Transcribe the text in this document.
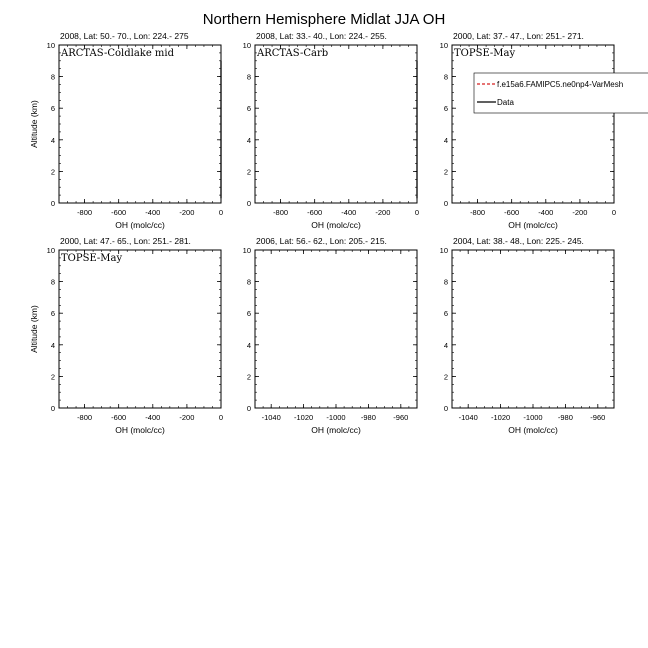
Northern Hemisphere Midlat JJA OH
2008, Lat: 50.- 70., Lon: 224.- 275
ARCTAS-Coldlake mid
0
2
4
6
8
10
-800	-600	-400	-200	0
OH (molc/cc)
Altitude (km)
2008, Lat: 33.- 40., Lon: 224.- 255.
ARCTAS-Carb
0
2
4
6
8
10
-800	-600	-400	-200	0
OH (molc/cc)
2000, Lat: 37.- 47., Lon: 251.- 271.
TOPSE-May
0
2
4
6
8
10
-800	-600	-400	-200	0
OH (molc/cc)
f.e15a6.FAMIPC5.ne0np4-VarMesh
Data
2000, Lat: 47.- 65., Lon: 251.- 281.
TOPSE-May
0
2
4
6
8
10
-800	-600	-400	-200	0
OH (molc/cc)
Altitude (km)
2006, Lat: 56.- 62., Lon: 205.- 215.
0
2
4
6
8
10
-1040 -1020 -1000 -980 -960
OH (molc/cc)
2004, Lat: 38.- 48., Lon: 225.- 245.
0
2
4
6
8
10
-1040 -1020 -1000 -980 -960
OH (molc/cc)
